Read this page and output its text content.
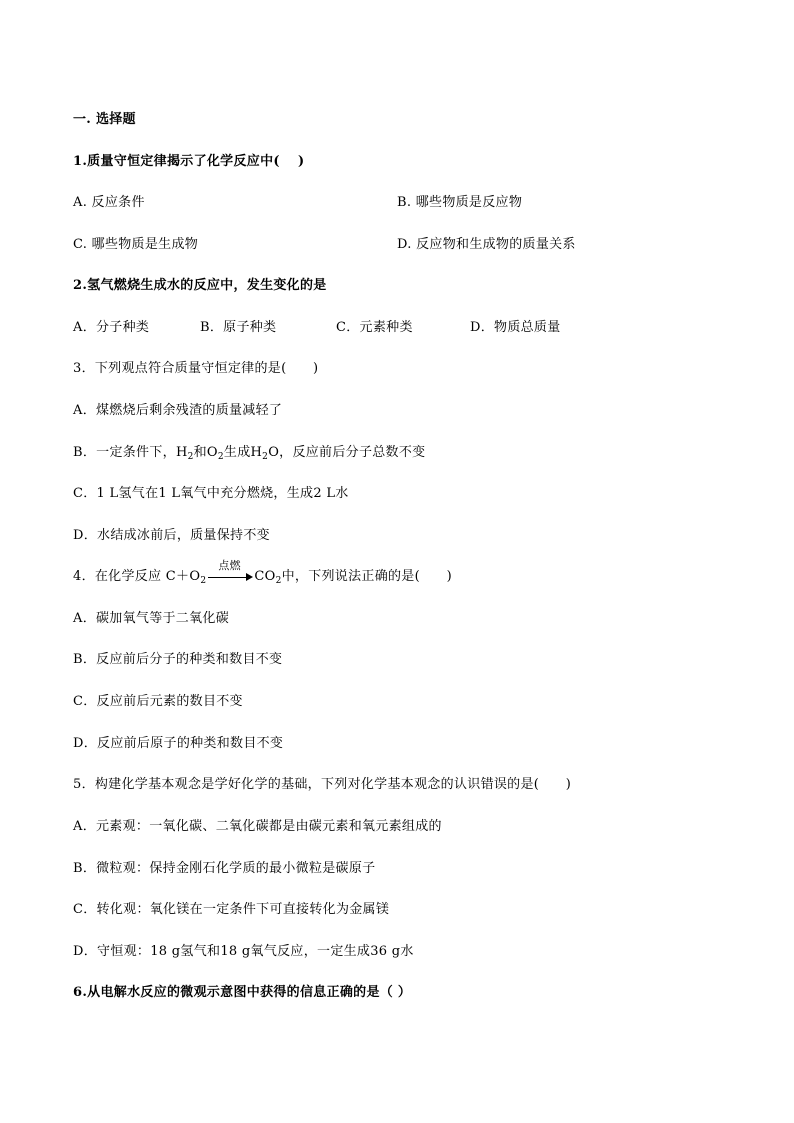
一. 选择题
1.质量守恒定律揭示了化学反应中(　 )
A. 反应条件	B. 哪些物质是反应物
C. 哪些物质是生成物	D. 反应物和生成物的质量关系
2.氢气燃烧生成水的反应中，发生变化的是
A．分子种类	B．原子种类	C．元素种类	D．物质总质量
3．下列观点符合质量守恒定律的是(　　)
A．煤燃烧后剩余残渣的质量减轻了
B．一定条件下，$H_2$和$O_2$生成$H_2O$，反应前后分子总数不变
C．1 L氢气在1 L氧气中充分燃烧，生成2 L水
D．水结成冰前后，质量保持不变
4．在化学反应 $C+O_2$
点燃
$CO_2$中，下列说法正确的是(　　)
A．碳加氧气等于二氧化碳
B．反应前后分子的种类和数目不变
C．反应前后元素的数目不变
D．反应前后原子的种类和数目不变
5．构建化学基本观念是学好化学的基础，下列对化学基本观念的认识错误的是(　　)
A．元素观：一氧化碳、二氧化碳都是由碳元素和氧元素组成的
B．微粒观：保持金刚石化学质的最小微粒是碳原子
C．转化观：氧化镁在一定条件下可直接转化为金属镁
D．守恒观：18 g氢气和18 g氧气反应，一定生成36 g水
6.从电解水反应的微观示意图中获得的信息正确的是（ ）
